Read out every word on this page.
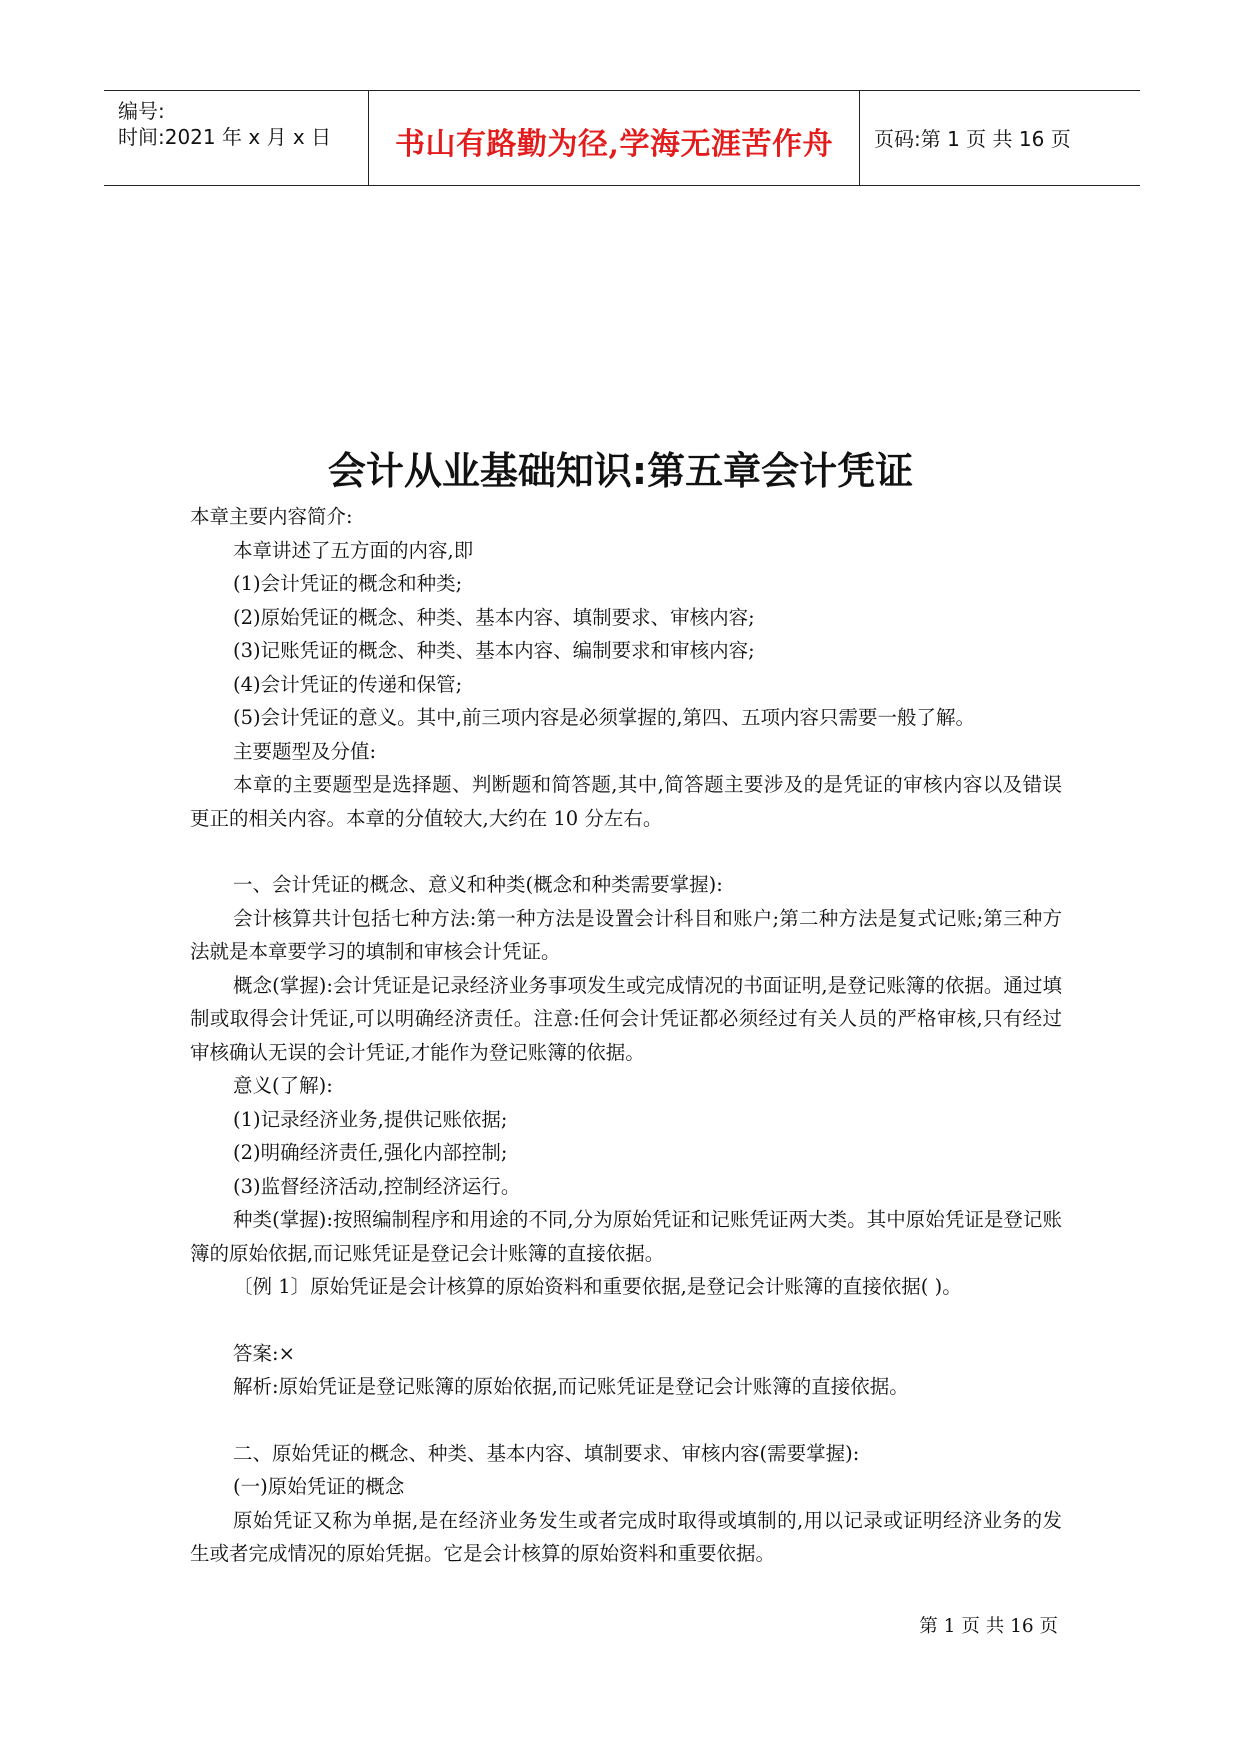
编号:
时间:2021 年 x 月 x 日	书山有路勤为径,学海无涯苦作舟	页码:第 1 页 共 16 页
会计从业基础知识:第五章会计凭证

本章主要内容简介:

本章讲述了五方面的内容,即

(1)会计凭证的概念和种类;

(2)原始凭证的概念、种类、基本内容、填制要求、审核内容;

(3)记账凭证的概念、种类、基本内容、编制要求和审核内容;

(4)会计凭证的传递和保管;

(5)会计凭证的意义。其中,前三项内容是必须掌握的,第四、五项内容只需要一般了解。

主要题型及分值:

本章的主要题型是选择题、判断题和简答题,其中,简答题主要涉及的是凭证的审核内容以及错误更正的相关内容。本章的分值较大,大约在 10 分左右。

一、会计凭证的概念、意义和种类(概念和种类需要掌握):

会计核算共计包括七种方法:第一种方法是设置会计科目和账户;第二种方法是复式记账;第三种方法就是本章要学习的填制和审核会计凭证。

概念(掌握):会计凭证是记录经济业务事项发生或完成情况的书面证明,是登记账簿的依据。通过填制或取得会计凭证,可以明确经济责任。注意:任何会计凭证都必须经过有关人员的严格审核,只有经过审核确认无误的会计凭证,才能作为登记账簿的依据。

意义(了解):

(1)记录经济业务,提供记账依据;

(2)明确经济责任,强化内部控制;

(3)监督经济活动,控制经济运行。

种类(掌握):按照编制程序和用途的不同,分为原始凭证和记账凭证两大类。其中原始凭证是登记账簿的原始依据,而记账凭证是登记会计账簿的直接依据。

〔例 1〕原始凭证是会计核算的原始资料和重要依据,是登记会计账簿的直接依据( )。

答案:×

解析:原始凭证是登记账簿的原始依据,而记账凭证是登记会计账簿的直接依据。

二、原始凭证的概念、种类、基本内容、填制要求、审核内容(需要掌握):

(一)原始凭证的概念

原始凭证又称为单据,是在经济业务发生或者完成时取得或填制的,用以记录或证明经济业务的发生或者完成情况的原始凭据。它是会计核算的原始资料和重要依据。

第 1 页 共 16 页
